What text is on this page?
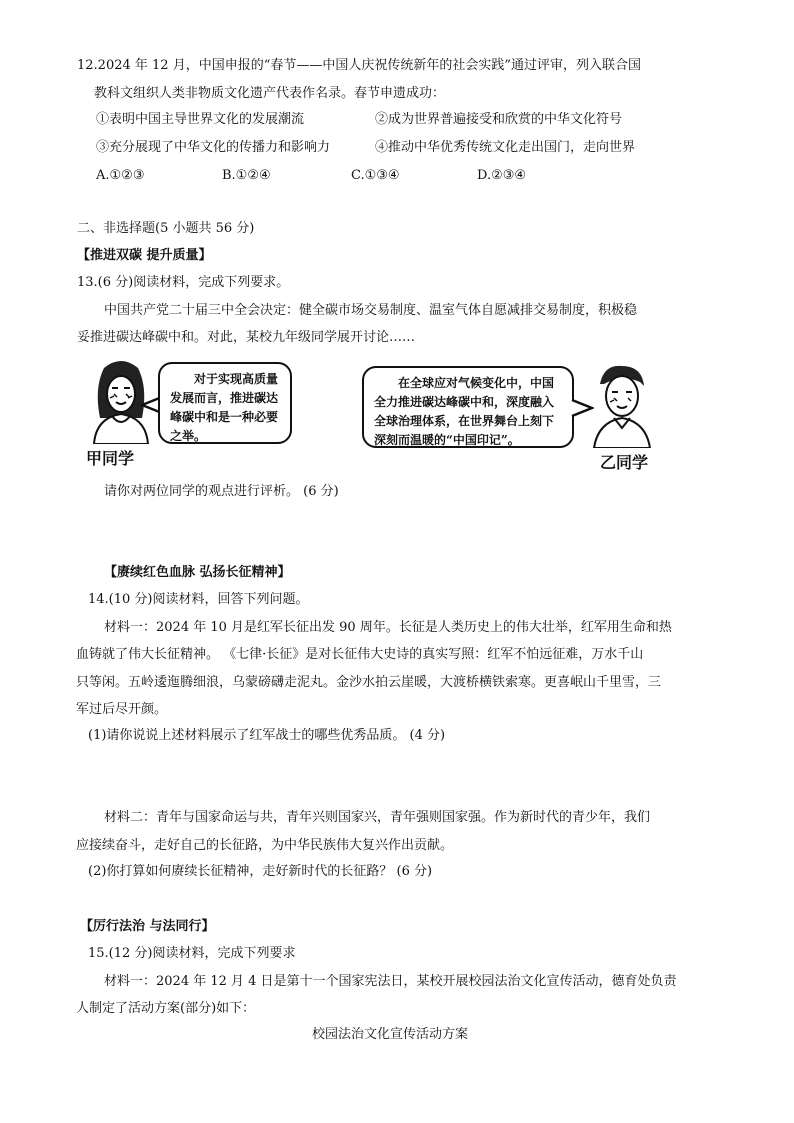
12.2024 年 12 月，中国申报的“春节——中国人庆祝传统新年的社会实践”通过评审，列入联合国
教科文组织人类非物质文化遗产代表作名录。春节申遗成功：
①表明中国主导世界文化的发展潮流	②成为世界普遍接受和欣赏的中华文化符号
③充分展现了中华文化的传播力和影响力	④推动中华优秀传统文化走出国门，走向世界
A.①②③	B.①②④	C.①③④	D.②③④
二、非选择题(5 小题共 56 分)
【推进双碳 提升质量】
13.(6 分)阅读材料，完成下列要求。
中国共产党二十届三中全会决定：健全碳市场交易制度、温室气体自愿减排交易制度，积极稳
妥推进碳达峰碳中和。对此，某校九年级同学展开讨论……
甲同学
对于实现高质量发展而言，推进碳达峰碳中和是一种必要之举。
在全球应对气候变化中，中国全力推进碳达峰碳中和，深度融入全球治理体系，在世界舞台上刻下深刻而温暖的“中国印记”。
乙同学
请你对两位同学的观点进行评析。 (6 分)
【赓续红色血脉 弘扬长征精神】
14.(10 分)阅读材料，回答下列问题。
材料一：2024 年 10 月是红军长征出发 90 周年。长征是人类历史上的伟大壮举，红军用生命和热
血铸就了伟大长征精神。 《七律·长征》是对长征伟大史诗的真实写照：红军不怕远征难，万水千山
只等闲。五岭逶迤腾细浪，乌蒙磅礴走泥丸。金沙水拍云崖暖，大渡桥横铁索寒。更喜岷山千里雪，三
军过后尽开颜。
(1)请你说说上述材料展示了红军战士的哪些优秀品质。 (4 分)
材料二：青年与国家命运与共，青年兴则国家兴，青年强则国家强。作为新时代的青少年，我们
应接续奋斗，走好自己的长征路，为中华民族伟大复兴作出贡献。
(2)你打算如何赓续长征精神，走好新时代的长征路？ (6 分)
【厉行法治 与法同行】
15.(12 分)阅读材料，完成下列要求
材料一：2024 年 12 月 4 日是第十一个国家宪法日，某校开展校园法治文化宣传活动，德育处负责
人制定了活动方案(部分)如下：
校园法治文化宣传活动方案
